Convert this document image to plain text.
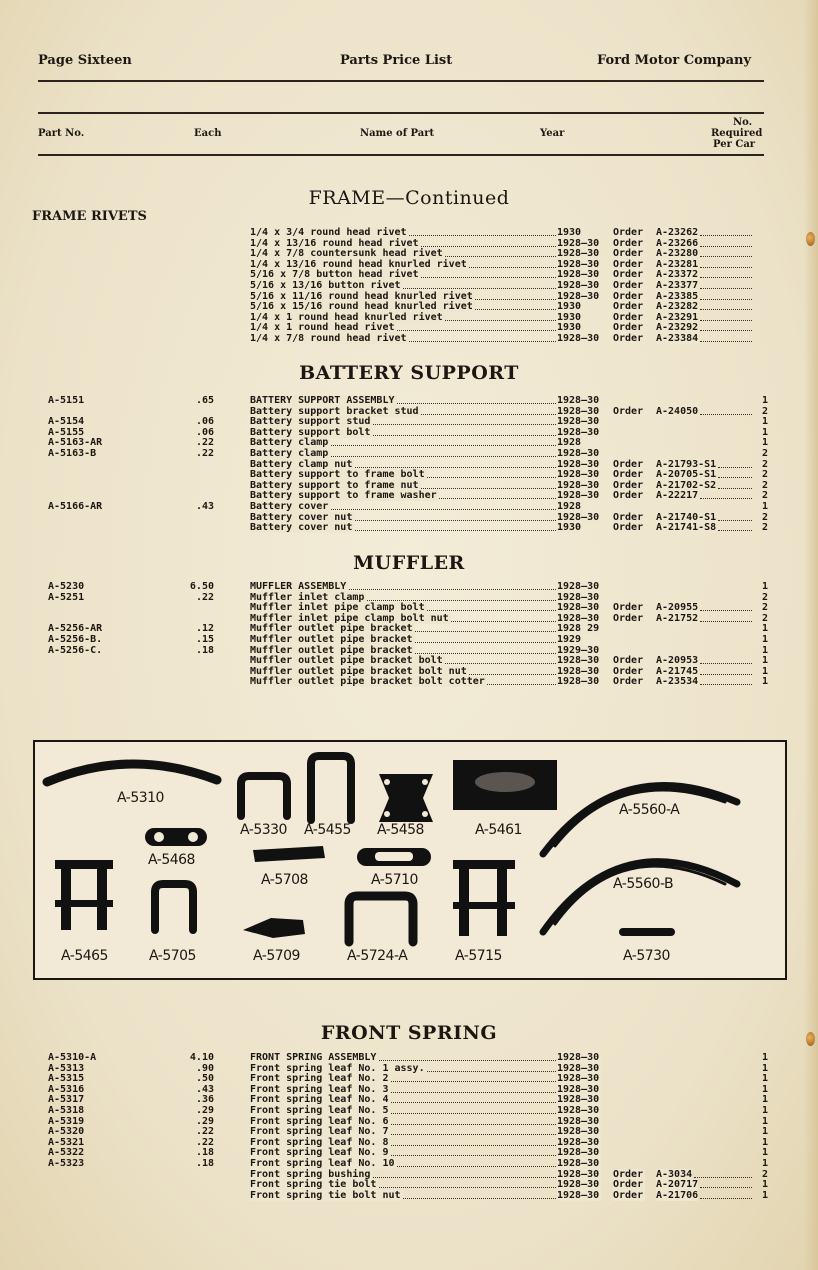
Page Sixteen	Parts Price List	Ford Motor Company
Part No.	Each	Name of Part	Year
No.
Required
Per Car
FRAME—Continued
FRAME RIVETS
1/4 x 3/4 round head rivet	1930	Order A-23262
1/4 x 13/16 round head rivet	1928–30 Order A-23266
1/4 x 7/8 countersunk head rivet	1928–30 Order A-23280
1/4 x 13/16 round head knurled rivet	1928–30 Order A-23281
5/16 x 7/8 button head rivet	1928–30 Order A-23372
5/16 x 13/16 button rivet	1928–30 Order A-23377
5/16 x 11/16 round head knurled rivet	1928–30 Order A-23385
5/16 x 15/16 round head knurled rivet	1930	Order A-23282
1/4 x 1 round head knurled rivet	1930	Order A-23291
1/4 x 1 round head rivet	1930	Order A-23292
1/4 x 7/8 round head rivet	1928–30 Order A-23384
BATTERY SUPPORT
A-5151	.65	BATTERY SUPPORT ASSEMBLY	1928–30	1
Battery support bracket stud	1928–30 Order A-24050	2
A-5154	.06	Battery support stud	1928–30	1
A-5155	.06	Battery support bolt	1928–30	1
A-5163-AR	.22	Battery clamp	1928	1
A-5163-B	.22	Battery clamp	1928–30	2
Battery clamp nut	1928–30 Order A-21793-S1	2
Battery support to frame bolt	1928–30 Order A-20705-S1	2
Battery support to frame nut	1928–30 Order A-21702-S2	2
Battery support to frame washer	1928–30 Order A-22217	2
A-5166-AR	.43	Battery cover	1928	1
Battery cover nut	1928–30 Order A-21740-S1	2
Battery cover nut	1930	Order A-21741-S8	2
MUFFLER
A-5230	6.50	MUFFLER ASSEMBLY	1928–30	1
A-5251	.22	Muffler inlet clamp	1928–30	2
Muffler inlet pipe clamp bolt	1928–30 Order A-20955	2
Muffler inlet pipe clamp bolt nut	1928–30 Order A-21752	2
A-5256-AR	.12	Muffler outlet pipe bracket	1928 29	1
A-5256-B.	.15	Muffler outlet pipe bracket	1929	1
A-5256-C.	.18	Muffler outlet pipe bracket	1929–30	1
Muffler outlet pipe bracket bolt	1928–30 Order A-20953	1
Muffler outlet pipe bracket bolt nut	1928–30 Order A-21745	1
Muffler outlet pipe bracket bolt cotter	1928–30 Order A-23534	1
A-5310
A-5468
A-5465	A-5705
A-5330 A-5455 A-5458	A-5461
A-5708	A-5710
A-5709	A-5724-A	A-5715
A-5560-A
A-5560-B
A-5730
FRONT SPRING
A-5310-A	4.10	FRONT SPRING ASSEMBLY	1928–30	1
A-5313	.90	Front spring leaf No. 1 assy.	1928–30	1
A-5315	.50	Front spring leaf No. 2	1928–30	1
A-5316	.43	Front spring leaf No. 3	1928–30	1
A-5317	.36	Front spring leaf No. 4	1928–30	1
A-5318	.29	Front spring leaf No. 5	1928–30	1
A-5319	.29	Front spring leaf No. 6	1928–30	1
A-5320	.22	Front spring leaf No. 7	1928–30	1
A-5321	.22	Front spring leaf No. 8	1928–30	1
A-5322	.18	Front spring leaf No. 9	1928–30	1
A-5323	.18	Front spring leaf No. 10	1928–30	1
Front spring bushing	1928–30 Order A-3034	2
Front spring tie bolt	1928–30 Order A-20717	1
Front spring tie bolt nut	1928–30 Order A-21706	1
